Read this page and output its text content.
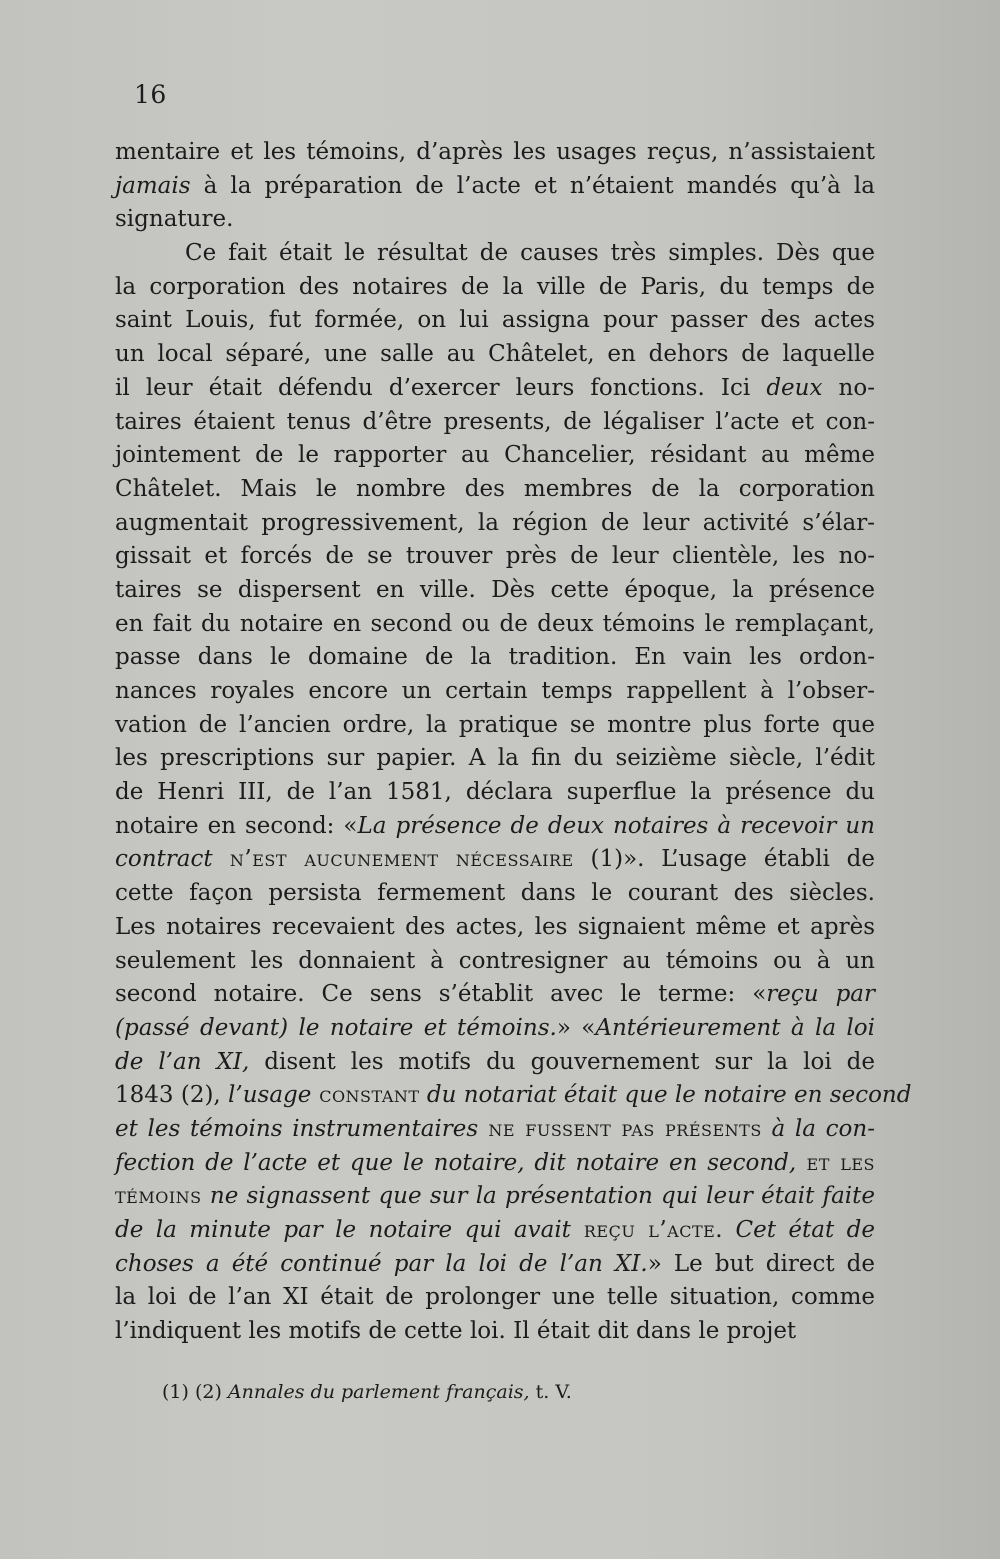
16
mentaire et les témoins, d’après les usages reçus, n’assistaient
jamais à la préparation de l’acte et n’étaient mandés qu’à la
signature.
Ce fait était le résultat de causes très simples. Dès que
la corporation des notaires de la ville de Paris, du temps de
saint Louis, fut formée, on lui assigna pour passer des actes
un local séparé, une salle au Châtelet, en dehors de laquelle
il leur était défendu d’exercer leurs fonctions. Ici deux no-
taires étaient tenus d’être presents, de légaliser l’acte et con-
jointement de le rapporter au Chancelier, résidant au même
Châtelet. Mais le nombre des membres de la corporation
augmentait progressivement, la région de leur activité s’élar-
gissait et forcés de se trouver près de leur clientèle, les no-
taires se dispersent en ville. Dès cette époque, la présence
en fait du notaire en second ou de deux témoins le remplaçant,
passe dans le domaine de la tradition. En vain les ordon-
nances royales encore un certain temps rappellent à l’obser-
vation de l’ancien ordre, la pratique se montre plus forte que
les prescriptions sur papier. A la fin du seizième siècle, l’édit
de Henri III, de l’an 1581, déclara superflue la présence du
notaire en second: «La présence de deux notaires à recevoir un
contract n’est aucunement nécessaire (1)». L’usage établi de
cette façon persista fermement dans le courant des siècles.
Les notaires recevaient des actes, les signaient même et après
seulement les donnaient à contresigner au témoins ou à un
second notaire. Ce sens s’établit avec le terme: «reçu par
(passé devant) le notaire et témoins.» «Antérieurement à la loi
de l’an XI, disent les motifs du gouvernement sur la loi de
1843 (2), l’usage constant du notariat était que le notaire en second
et les témoins instrumentaires ne fussent pas présents à la con-
fection de l’acte et que le notaire, dit notaire en second, et les
témoins ne signassent que sur la présentation qui leur était faite
de la minute par le notaire qui avait reçu l’acte. Cet état de
choses a été continué par la loi de l’an XI.» Le but direct de
la loi de l’an XI était de prolonger une telle situation, comme
l’indiquent les motifs de cette loi. Il était dit dans le projet
(1) (2) Annales du parlement français, t. V.
